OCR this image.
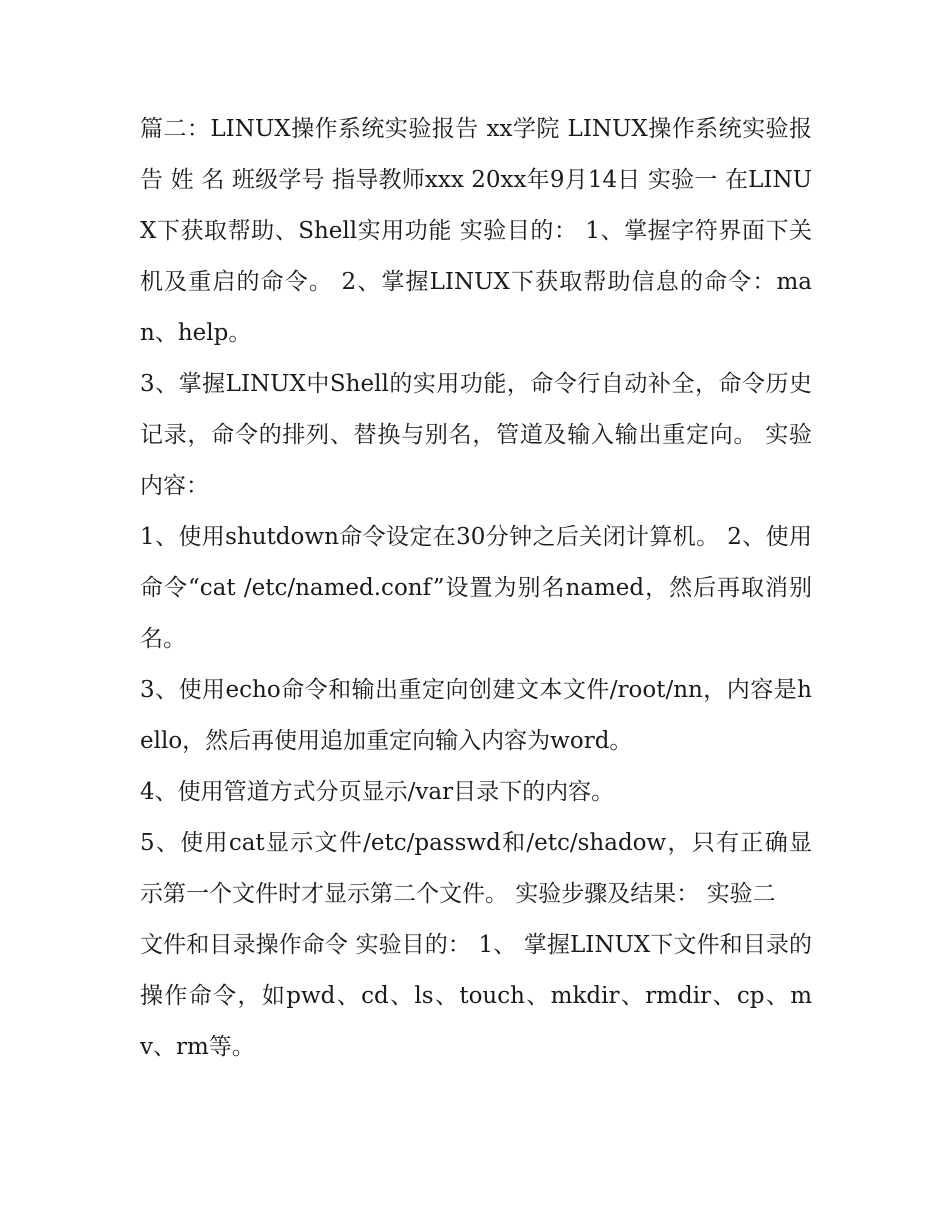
篇二：LINUX操作系统实验报告 xx学院 LINUX操作系统实验报告 姓 名 班级学号 指导教师xxx 20xx年9月14日 实验一 在LINUX下获取帮助、Shell实用功能 实验目的： 1、掌握字符界面下关机及重启的命令。 2、掌握LINUX下获取帮助信息的命令：man、help。

3、掌握LINUX中Shell的实用功能，命令行自动补全，命令历史记录，命令的排列、替换与别名，管道及输入输出重定向。 实验内容：

1、使用shutdown命令设定在30分钟之后关闭计算机。 2、使用命令“cat /etc/named.conf”设置为别名named，然后再取消别名。

3、使用echo命令和输出重定向创建文本文件/root/nn，内容是hello，然后再使用追加重定向输入内容为word。

4、使用管道方式分页显示/var目录下的内容。

5、使用cat显示文件/etc/passwd和/etc/shadow，只有正确显示第一个文件时才显示第二个文件。 实验步骤及结果： 实验二

文件和目录操作命令 实验目的： 1、 掌握LINUX下文件和目录的操作命令，如pwd、cd、ls、touch、mkdir、rmdir、cp、mv、rm等。
